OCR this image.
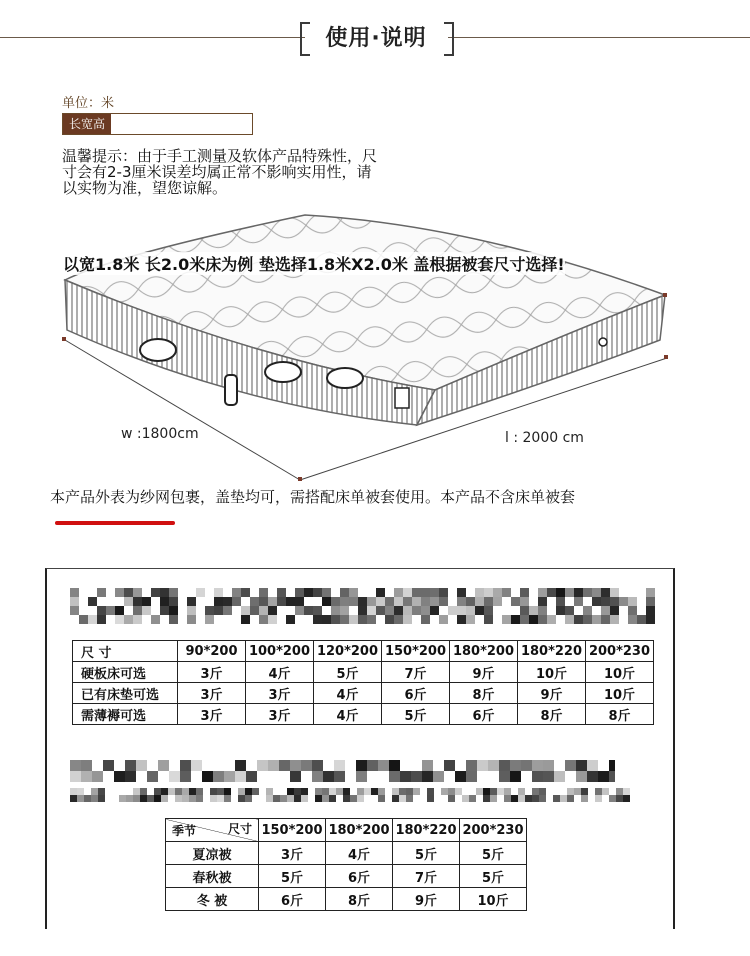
使用·说明
单位：米
长宽高
温馨提示：由于手工测量及软体产品特殊性，尺寸会有2-3厘米误差均属正常不影响实用性，请以实物为准，望您谅解。
以宽1.8米 长2.0米床为例 垫选择1.8米X2.0米 盖根据被套尺寸选择!
w :1800cm	l : 2000 cm
本产品外表为纱网包裹，盖垫均可，需搭配床单被套使用。本产品不含床单被套
尺 寸	90*200	100*200	120*200	150*200	180*200	180*220	200*230
硬板床可选	3斤	4斤	5斤	7斤	9斤	10斤	10斤
已有床垫可选	3斤	3斤	4斤	6斤	8斤	9斤	10斤
需薄褥可选	3斤	3斤	4斤	5斤	6斤	8斤	8斤
尺寸
季节	150*200	180*200	180*220	200*230
夏凉被	3斤	4斤	5斤	5斤
春秋被	5斤	6斤	7斤	5斤
冬 被	6斤	8斤	9斤	10斤
